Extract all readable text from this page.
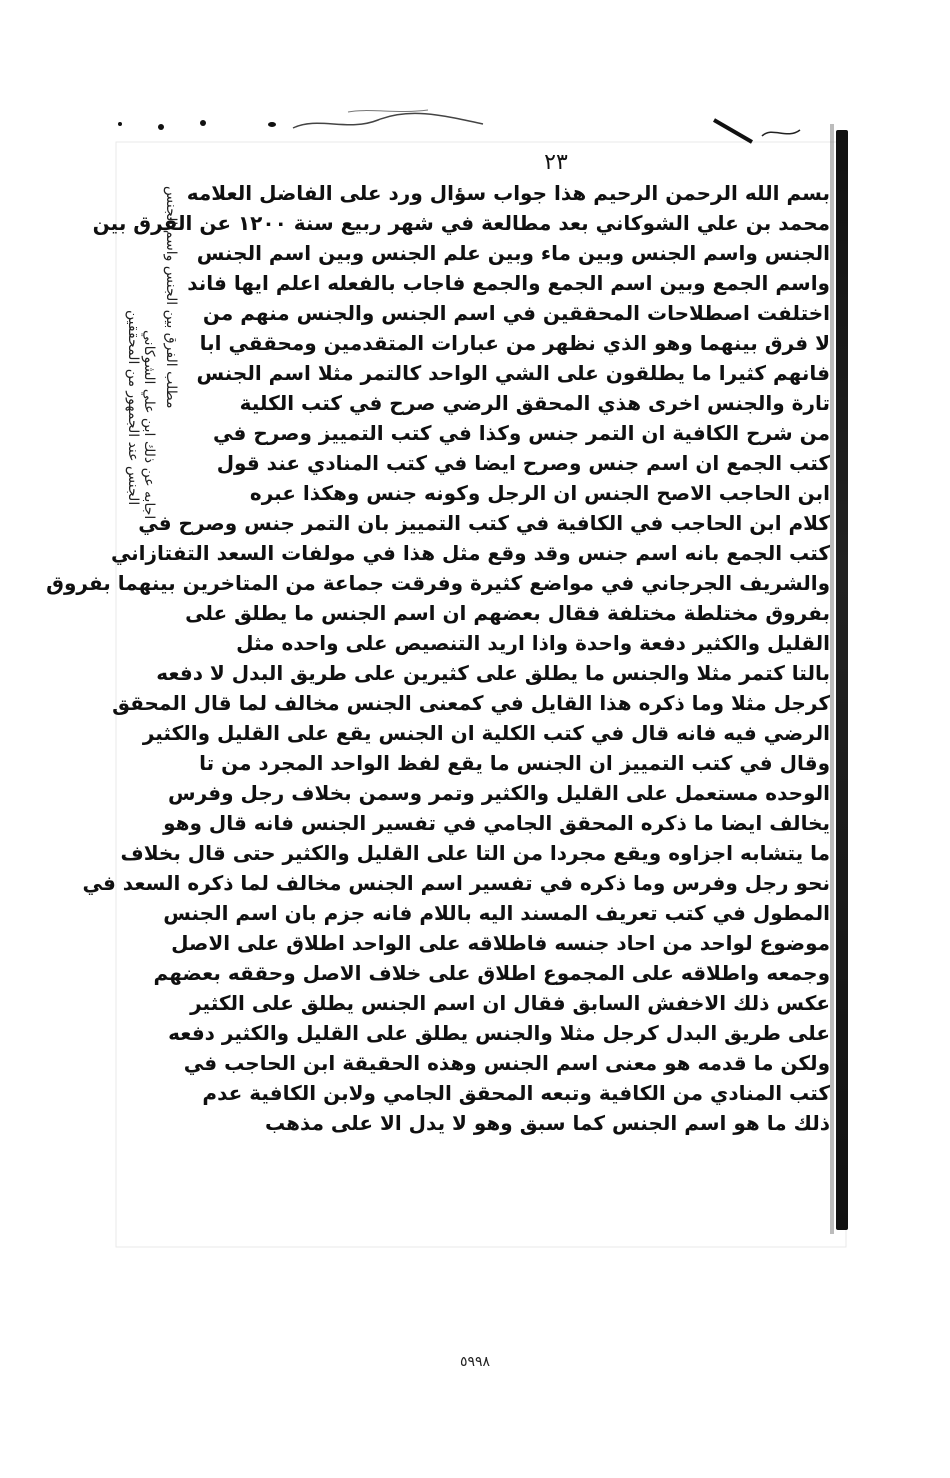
٢٣
بسم الله الرحمن الرحيم هذا جواب سؤال ورد على الفاضل العلامه
محمد بن علي الشوكاني بعد مطالعة في شهر ربيع سنة ١٢٠٠ عن الفرق بين
الجنس واسم الجنس وبين ماء وبين علم الجنس وبين اسم الجنس
واسم الجمع وبين اسم الجمع والجمع فاجاب بالفعله اعلم ايها فاند
اختلفت اصطلاحات المحققين في اسم الجنس والجنس منهم من
لا فرق بينهما وهو الذي نظهر من عبارات المتقدمين ومحققي ابا
فانهم كثيرا ما يطلقون على الشي الواحد كالتمر مثلا اسم الجنس
تارة والجنس اخرى هذي المحقق الرضي صرح في كتب الكلية
من شرح الكافية ان التمر جنس وكذا في كتب التمييز وصرح في
كتب الجمع ان اسم جنس وصرح ايضا في كتب المنادي عند قول
ابن الحاجب الاصح الجنس ان الرجل وكونه جنس وهكذا عبره
كلام ابن الحاجب في الكافية في كتب التمييز بان التمر جنس وصرح في
كتب الجمع بانه اسم جنس وقد وقع مثل هذا في مولفات السعد التفتازاني
والشريف الجرجاني في مواضع كثيرة وفرقت جماعة من المتاخرين بينهما بفروق
بفروق مختلطة مختلفة فقال بعضهم ان اسم الجنس ما يطلق على
القليل والكثير دفعة واحدة واذا اريد التنصيص على واحده مثل
بالتا كتمر مثلا والجنس ما يطلق على كثيرين على طريق البدل لا دفعه
كرجل مثلا وما ذكره هذا القايل في كمعنى الجنس مخالف لما قال المحقق
الرضي فيه فانه قال في كتب الكلية ان الجنس يقع على القليل والكثير
وقال في كتب التمييز ان الجنس ما يقع لفظ الواحد المجرد من تا
الوحده مستعمل على القليل والكثير وتمر وسمن بخلاف رجل وفرس
يخالف ايضا ما ذكره المحقق الجامي في تفسير الجنس فانه قال وهو
ما يتشابه اجزاوه ويقع مجردا من التا على القليل والكثير حتى قال بخلاف
نحو رجل وفرس وما ذكره في تفسير اسم الجنس مخالف لما ذكره السعد في
المطول في كتب تعريف المسند اليه باللام فانه جزم بان اسم الجنس
موضوع لواحد من احاد جنسه فاطلاقه على الواحد اطلاق على الاصل
وجمعه واطلاقه على المجموع اطلاق على خلاف الاصل وحققه بعضهم
عكس ذلك الاخفش السابق فقال ان اسم الجنس يطلق على الكثير
على طريق البدل كرجل مثلا والجنس يطلق على القليل والكثير دفعه
ولكن ما قدمه هو معنى اسم الجنس وهذه الحقيقة ابن الحاجب في
كتب المنادي من الكافية وتبعه المحقق الجامي ولابن الكافية عدم
ذلك ما هو اسم الجنس كما سبق وهو لا يدل الا على مذهب
مطلب الفرق بين الجنس واسم الجنس
اجابه عن ذلك ابن علي الشوكاني
الجنس عند الجمهور من المحققين
٥٩٩٨
